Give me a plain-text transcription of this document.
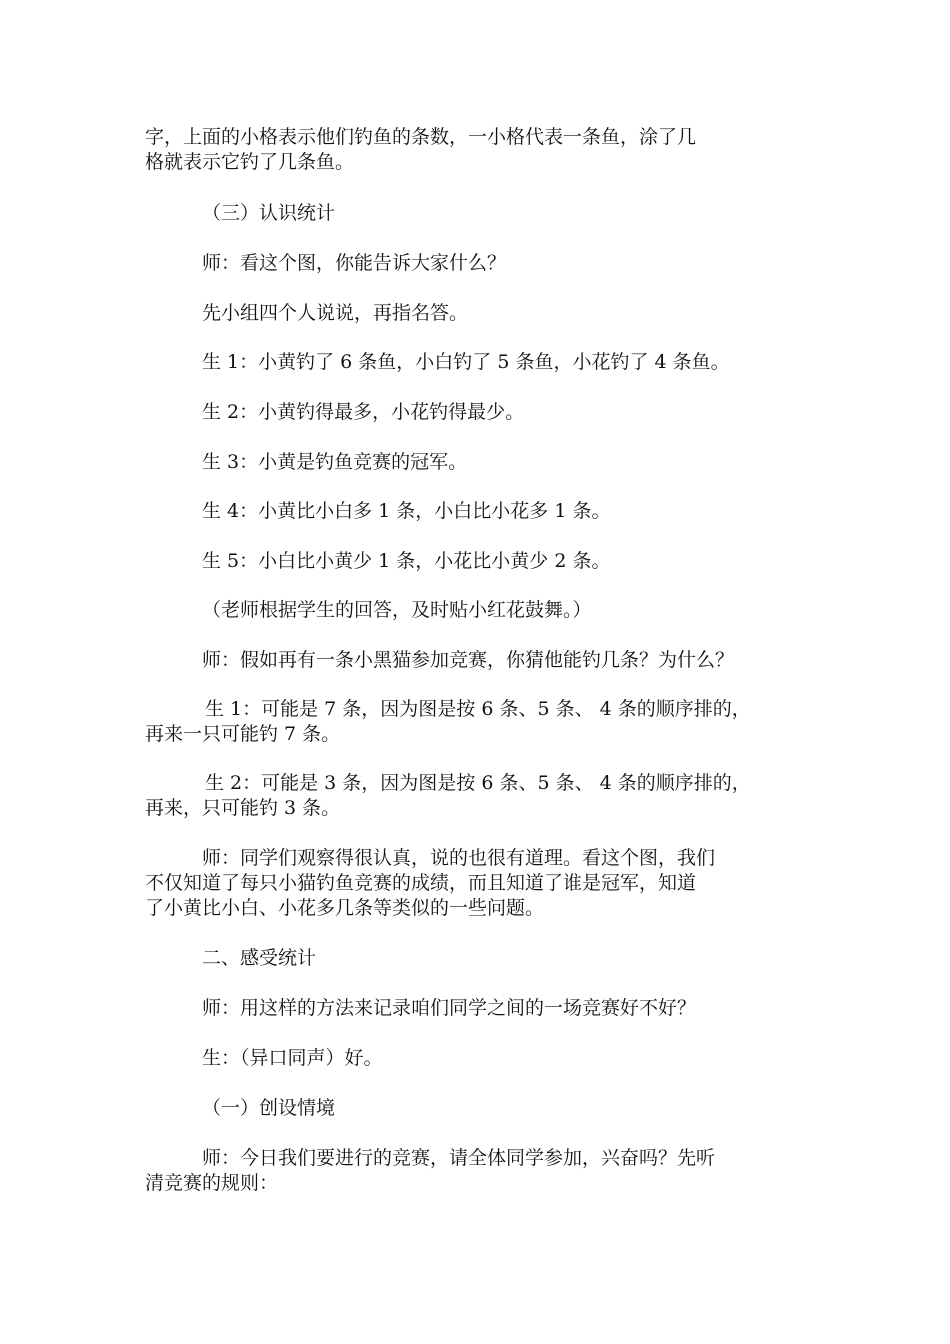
字，上面的小格表示他们钓鱼的条数，一小格代表一条鱼，涂了几
格就表示它钓了几条鱼。

（三）认识统计

师：看这个图，你能告诉大家什么？

先小组四个人说说，再指名答。

生 1：小黄钓了 6 条鱼，小白钓了 5 条鱼，小花钓了 4 条鱼。

生 2：小黄钓得最多，小花钓得最少。

生 3：小黄是钓鱼竞赛的冠军。

生 4：小黄比小白多 1 条，小白比小花多 1 条。

生 5：小白比小黄少 1 条，小花比小黄少 2 条。

（老师根据学生的回答，及时贴小红花鼓舞。）

师：假如再有一条小黑猫参加竞赛，你猜他能钓几条？为什么？

生 1：可能是 7 条，因为图是按 6 条、5 条、 4 条的顺序排的，
再来一只可能钓 7 条。

生 2：可能是 3 条，因为图是按 6 条、5 条、 4 条的顺序排的，
再来，只可能钓 3 条。

师：同学们观察得很认真，说的也很有道理。看这个图，我们
不仅知道了每只小猫钓鱼竞赛的成绩，而且知道了谁是冠军，知道
了小黄比小白、小花多几条等类似的一些问题。

二、感受统计

师：用这样的方法来记录咱们同学之间的一场竞赛好不好？

生：（异口同声）好。

（一）创设情境

师：今日我们要进行的竞赛，请全体同学参加，兴奋吗？先听
清竞赛的规则：
